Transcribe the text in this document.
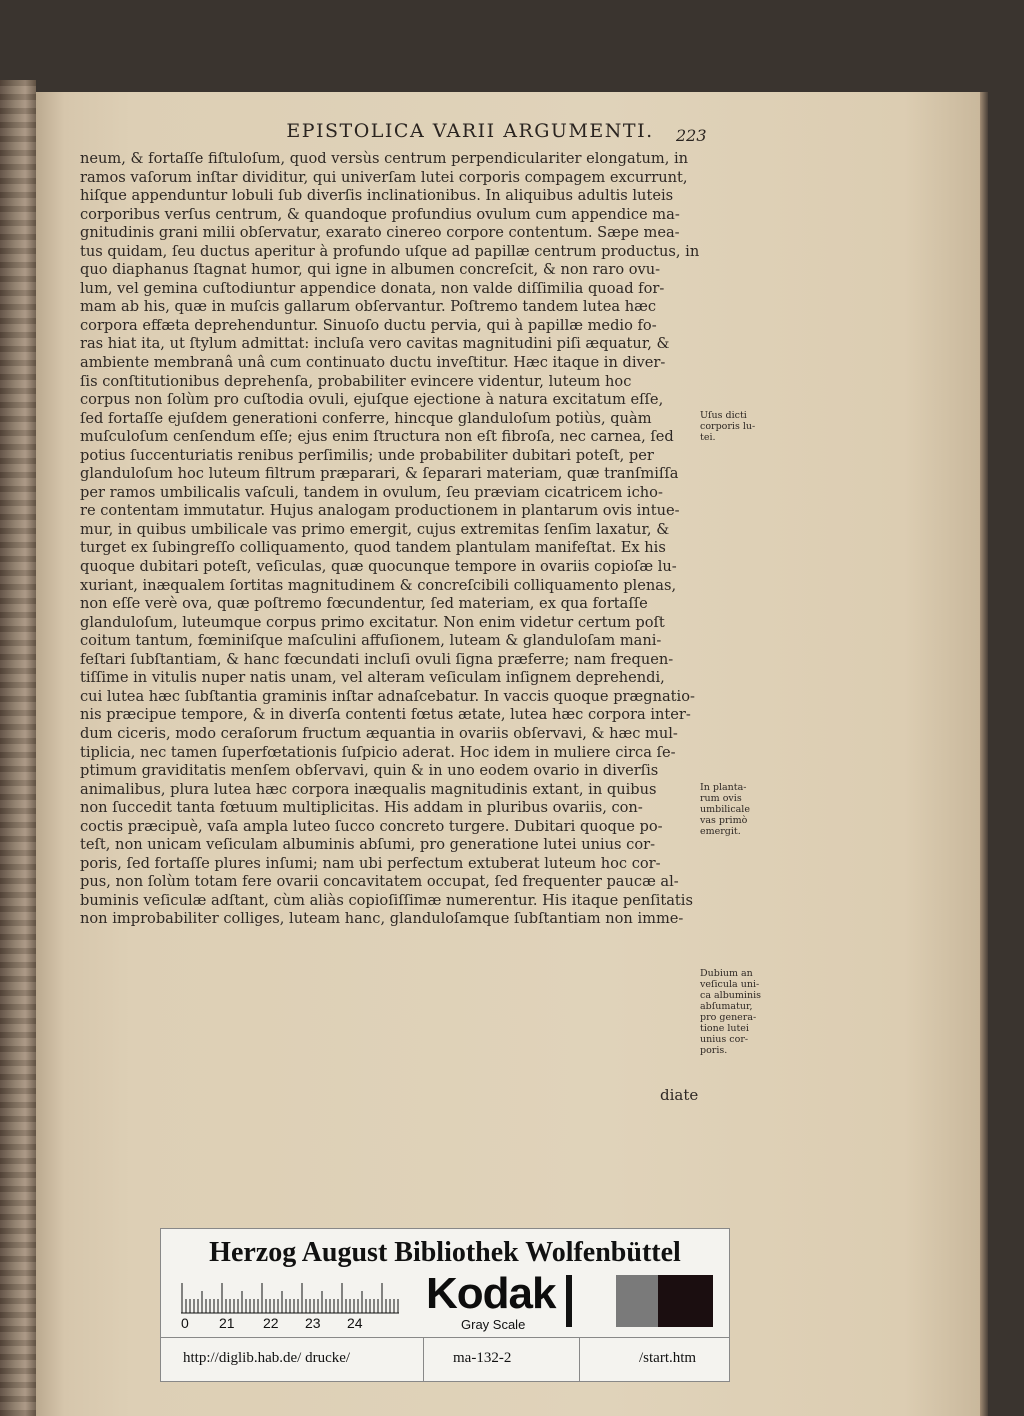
EPISTOLICA VARII ARGUMENTI.	223
neum, & fortaſſe fiſtuloſum, quod versùs centrum perpendiculariter elongatum, in
ramos vaſorum inſtar dividitur, qui univerſam lutei corporis compagem excurrunt,
hiſque appenduntur lobuli ſub diverſis inclinationibus. In aliquibus adultis luteis
corporibus verſus centrum, & quandoque profundius ovulum cum appendice ma-
gnitudinis grani milii obſervatur, exarato cinereo corpore contentum. Sæpe mea-
tus quidam, ſeu ductus aperitur à profundo uſque ad papillæ centrum productus, in
quo diaphanus ſtagnat humor, qui igne in albumen concreſcit, & non raro ovu-
lum, vel gemina cuſtodiuntur appendice donata, non valde diſſimilia quoad for-
mam ab his, quæ in muſcis gallarum obſervantur. Poſtremo tandem lutea hæc
corpora effæta deprehenduntur. Sinuoſo ductu pervia, qui à papillæ medio fo-
ras hiat ita, ut ſtylum admittat: incluſa vero cavitas magnitudini piſi æquatur, &
ambiente membranâ unâ cum continuato ductu inveſtitur. Hæc itaque in diver-
ſis conſtitutionibus deprehenſa, probabiliter evincere videntur, luteum hoc
corpus non ſolùm pro cuſtodia ovuli, ejuſque ejectione à natura excitatum eſſe,
ſed fortaſſe ejuſdem generationi conferre, hincque glanduloſum potiùs, quàm
muſculoſum cenſendum eſſe; ejus enim ſtructura non eſt fibroſa, nec carnea, ſed
potius ſuccenturiatis renibus perſimilis; unde probabiliter dubitari poteſt, per
glanduloſum hoc luteum filtrum præparari, & ſeparari materiam, quæ tranſmiſſa
per ramos umbilicalis vaſculi, tandem in ovulum, ſeu præviam cicatricem icho-
re contentam immutatur. Hujus analogam productionem in plantarum ovis intue-
mur, in quibus umbilicale vas primo emergit, cujus extremitas ſenſim laxatur, &
turget ex ſubingreſſo colliquamento, quod tandem plantulam manifeſtat. Ex his
quoque dubitari poteſt, veſiculas, quæ quocunque tempore in ovariis copioſæ lu-
xuriant, inæqualem ſortitas magnitudinem & concreſcibili colliquamento plenas,
non eſſe verè ova, quæ poſtremo fœcundentur, ſed materiam, ex qua fortaſſe
glanduloſum, luteumque corpus primo excitatur. Non enim videtur certum poſt
coitum tantum, fœminiſque maſculini affuſionem, luteam & glanduloſam mani-
feſtari ſubſtantiam, & hanc fœcundati incluſi ovuli ſigna præferre; nam frequen-
tiſſime in vitulis nuper natis unam, vel alteram veſiculam inſignem deprehendi,
cui lutea hæc ſubſtantia graminis inſtar adnaſcebatur. In vaccis quoque prægnatio-
nis præcipue tempore, & in diverſa contenti fœtus ætate, lutea hæc corpora inter-
dum ciceris, modo ceraſorum fructum æquantia in ovariis obſervavi, & hæc mul-
tiplicia, nec tamen ſuperfœtationis ſuſpicio aderat. Hoc idem in muliere circa ſe-
ptimum graviditatis menſem obſervavi, quin & in uno eodem ovario in diverſis
animalibus, plura lutea hæc corpora inæqualis magnitudinis extant, in quibus
non ſuccedit tanta fœtuum multiplicitas. His addam in pluribus ovariis, con-
coctis præcipuè, vaſa ampla luteo ſucco concreto turgere. Dubitari quoque po-
teſt, non unicam veſiculam albuminis abſumi, pro generatione lutei unius cor-
poris, ſed fortaſſe plures inſumi; nam ubi perfectum extuberat luteum hoc cor-
pus, non ſolùm totam fere ovarii concavitatem occupat, ſed frequenter paucæ al-
buminis veſiculæ adſtant, cùm aliàs copioſiſſimæ numerentur. His itaque penſitatis
non improbabiliter colliges, luteam hanc, glanduloſamque ſubſtantiam non imme-
diate
Uſus dicti
corporis lu-
tei.
In planta-
rum ovis
umbilicale
vas primò
emergit.
Dubium an
veſicula uni-
ca albuminis
abſumatur,
pro genera-
tione lutei
unius cor-
poris.
Herzog August Bibliothek Wolfenbüttel
0 21 22 23 24
Kodak
Gray Scale
http://diglib.hab.de/ drucke/	ma-132-2	/start.htm
